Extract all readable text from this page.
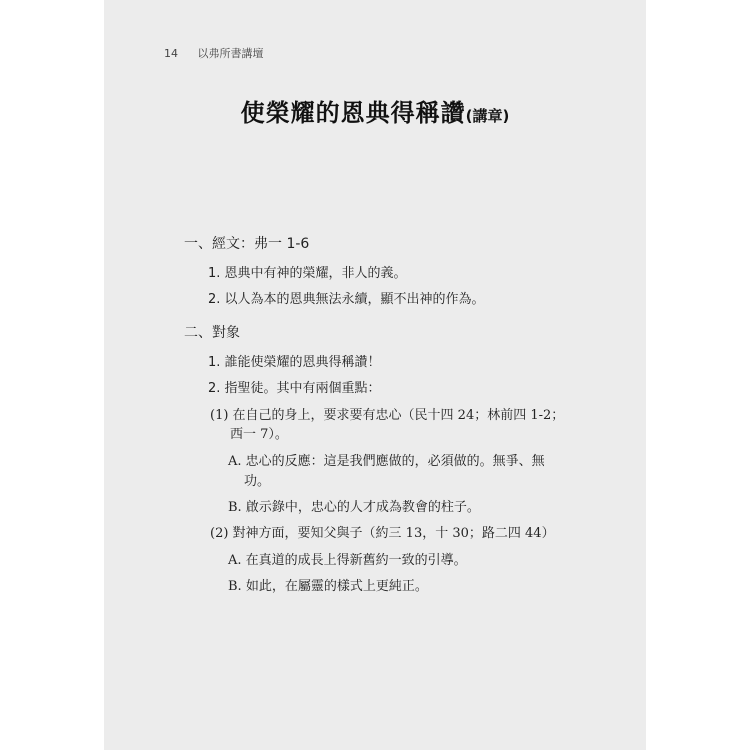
14 以弗所書講壇
使榮耀的恩典得稱讚(講章)
一、經文：弗一 1-6
1. 恩典中有神的榮耀，非人的義。
2. 以人為本的恩典無法永續，顯不出神的作為。
二、對象
1. 誰能使榮耀的恩典得稱讚！
2. 指聖徒。其中有兩個重點：
(1) 在自己的身上，要求要有忠心（民十四 24；林前四 1-2；
西一 7）。
A. 忠心的反應：這是我們應做的，必須做的。無爭、無
功。
B. 啟示錄中，忠心的人才成為教會的柱子。
(2) 對神方面，要知父與子（約三 13，十 30；路二四 44）
A. 在真道的成長上得新舊約一致的引導。
B. 如此，在屬靈的樣式上更純正。
